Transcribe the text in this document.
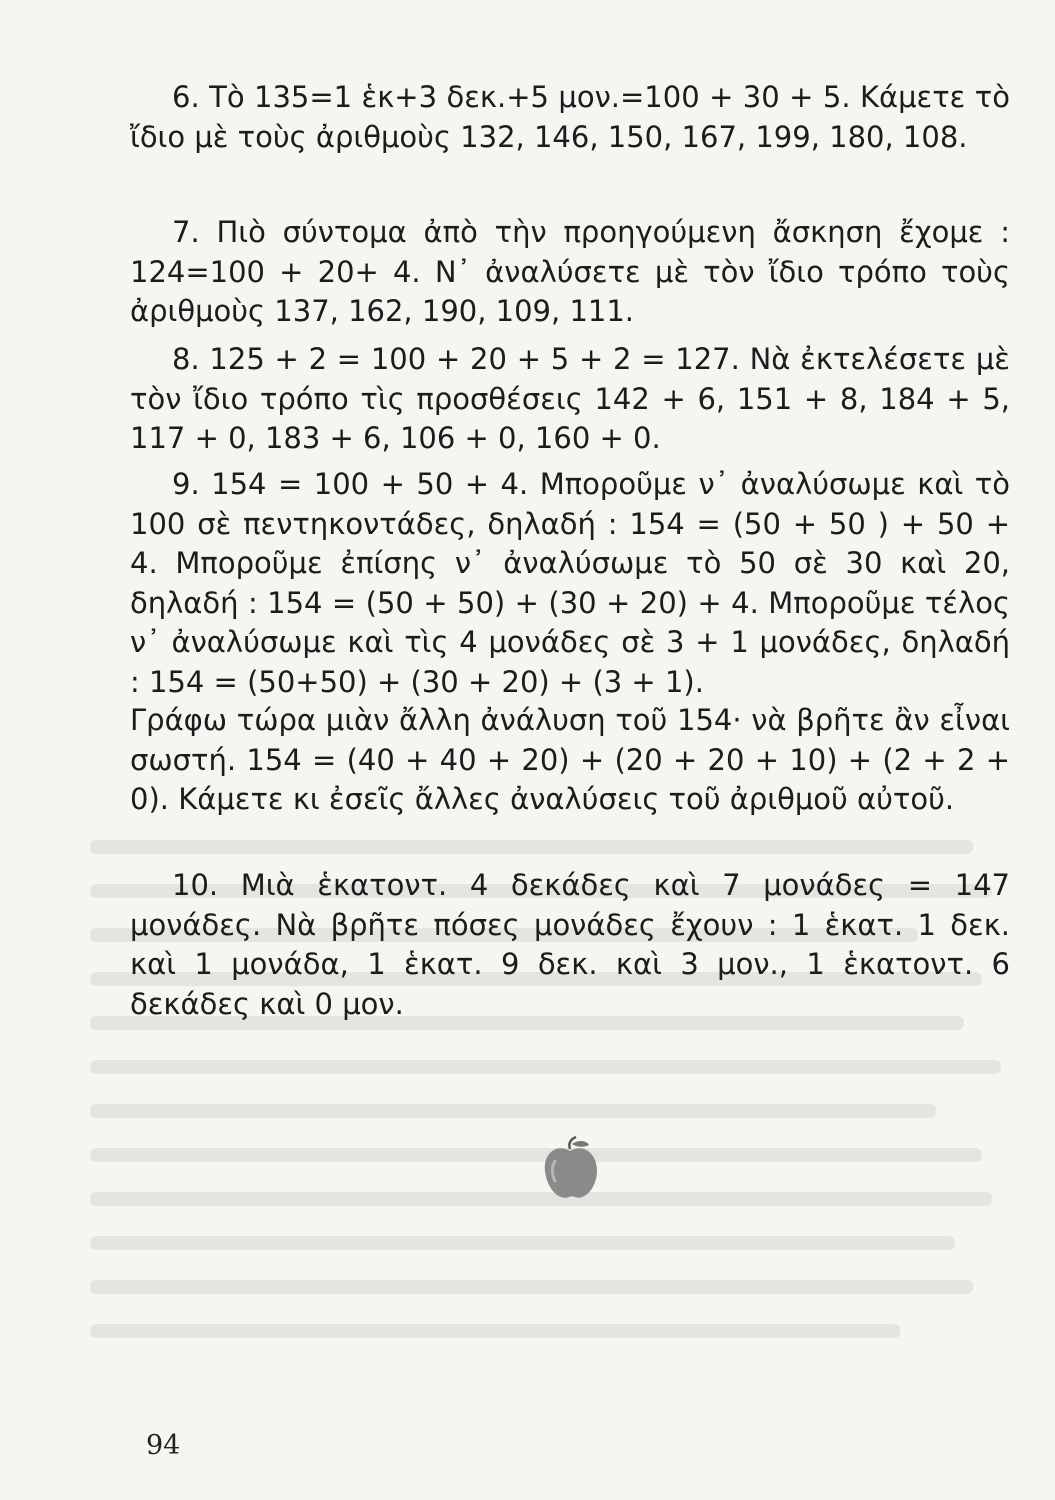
6. Τὸ 135=1 ἑκ+3 δεκ.+5 μον.=100 + 30 + 5. Κάμετε τὸ ἴδιο μὲ τοὺς ἀριθμοὺς 132, 146, 150, 167, 199, 180, 108.

7. Πιὸ σύντομα ἀπὸ τὴν προηγούμενη ἄσκηση ἔχομε : 124=100 + 20+ 4. Ν᾽ ἀναλύσετε μὲ τὸν ἴδιο τρόπο τοὺς ἀριθμοὺς 137, 162, 190, 109, 111.

8. 125 + 2 = 100 + 20 + 5 + 2 = 127. Νὰ ἐκτελέσετε μὲ τὸν ἴδιο τρόπο τὶς προσθέσεις 142 + 6, 151 + 8, 184 + 5, 117 + 0, 183 + 6, 106 + 0, 160 + 0.

9. 154 = 100 + 50 + 4. Μποροῦμε ν᾽ ἀναλύσωμε καὶ τὸ 100 σὲ πεντηκοντάδες, δηλαδή : 154 = (50 + 50 ) + 50 + 4. Μποροῦμε ἐπίσης ν᾽ ἀναλύσωμε τὸ 50 σὲ 30 καὶ 20, δηλαδή : 154 = (50 + 50) + (30 + 20) + 4. Μποροῦμε τέλος ν᾽ ἀναλύσωμε καὶ τὶς 4 μονάδες σὲ 3 + 1 μονάδες, δηλαδή : 154 = (50+50) + (30 + 20) + (3 + 1).

Γράφω τώρα μιὰν ἄλλη ἀνάλυση τοῦ 154· νὰ βρῆτε ἂν εἶναι σωστή. 154 = (40 + 40 + 20) + (20 + 20 + 10) + (2 + 2 + 0). Κάμετε κι ἐσεῖς ἄλλες ἀναλύσεις τοῦ ἀριθμοῦ αὐτοῦ.

10. Μιὰ ἑκατοντ. 4 δεκάδες καὶ 7 μονάδες = 147 μονάδες. Νὰ βρῆτε πόσες μονάδες ἔχουν : 1 ἑκατ. 1 δεκ. καὶ 1 μονάδα, 1 ἑκατ. 9 δεκ. καὶ 3 μον., 1 ἑκατοντ. 6 δεκάδες καὶ 0 μον.

94
